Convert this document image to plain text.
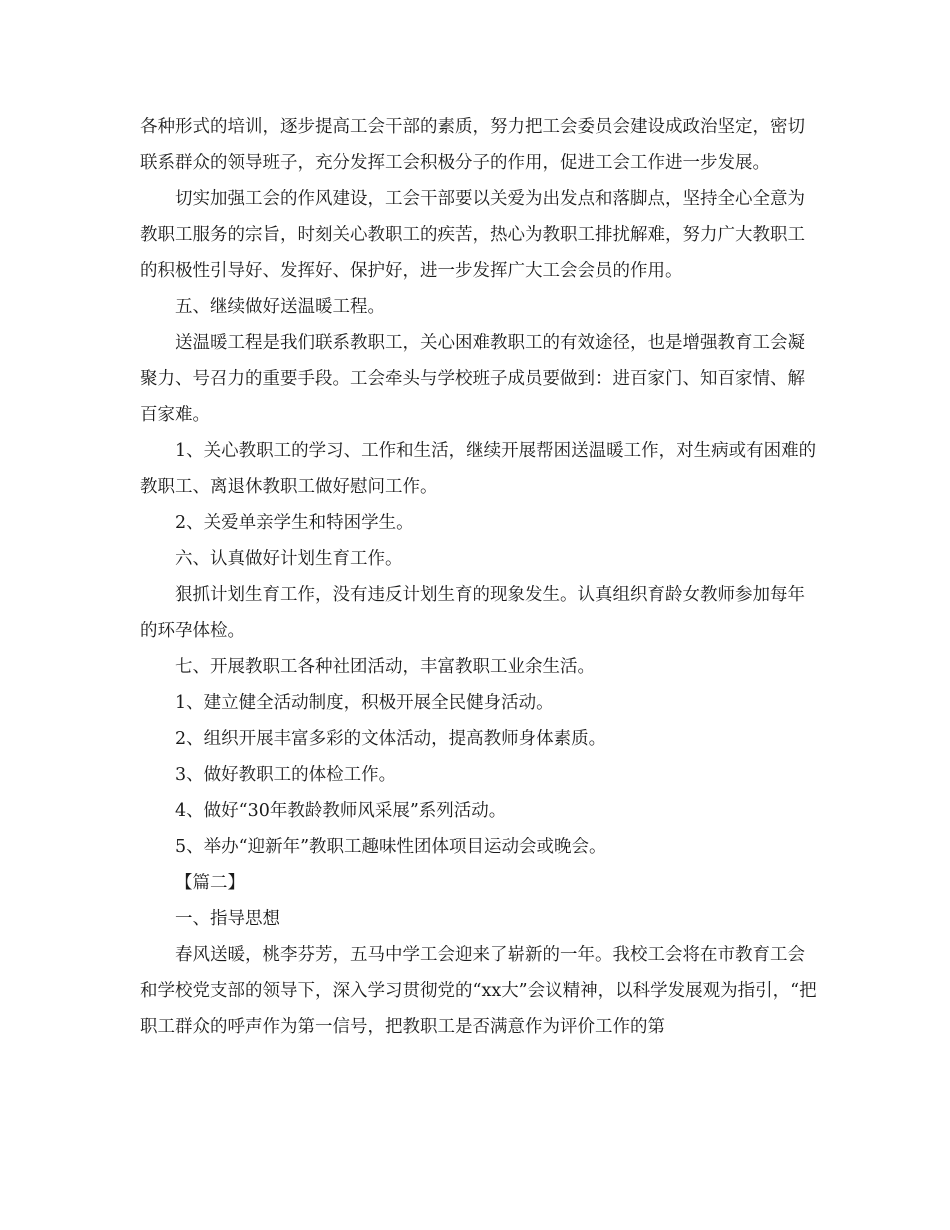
各种形式的培训，逐步提高工会干部的素质，努力把工会委员会建设成政治坚定，密切联系群众的领导班子，充分发挥工会积极分子的作用，促进工会工作进一步发展。

切实加强工会的作风建设，工会干部要以关爱为出发点和落脚点，坚持全心全意为教职工服务的宗旨，时刻关心教职工的疾苦，热心为教职工排扰解难，努力广大教职工的积极性引导好、发挥好、保护好，进一步发挥广大工会会员的作用。

五、继续做好送温暖工程。

送温暖工程是我们联系教职工，关心困难教职工的有效途径，也是增强教育工会凝聚力、号召力的重要手段。工会牵头与学校班子成员要做到：进百家门、知百家情、解百家难。

1、关心教职工的学习、工作和生活，继续开展帮困送温暖工作，对生病或有困难的教职工、离退休教职工做好慰问工作。

2、关爱单亲学生和特困学生。

六、认真做好计划生育工作。

狠抓计划生育工作，没有违反计划生育的现象发生。认真组织育龄女教师参加每年的环孕体检。

七、开展教职工各种社团活动，丰富教职工业余生活。

1、建立健全活动制度，积极开展全民健身活动。

2、组织开展丰富多彩的文体活动，提高教师身体素质。

3、做好教职工的体检工作。

4、做好“30年教龄教师风采展”系列活动。

5、举办“迎新年”教职工趣味性团体项目运动会或晚会。

【篇二】

一、指导思想

春风送暖，桃李芬芳，五马中学工会迎来了崭新的一年。我校工会将在市教育工会和学校党支部的领导下，深入学习贯彻党的“xx大”会议精神，以科学发展观为指引，“把职工群众的呼声作为第一信号，把教职工是否满意作为评价工作的第
